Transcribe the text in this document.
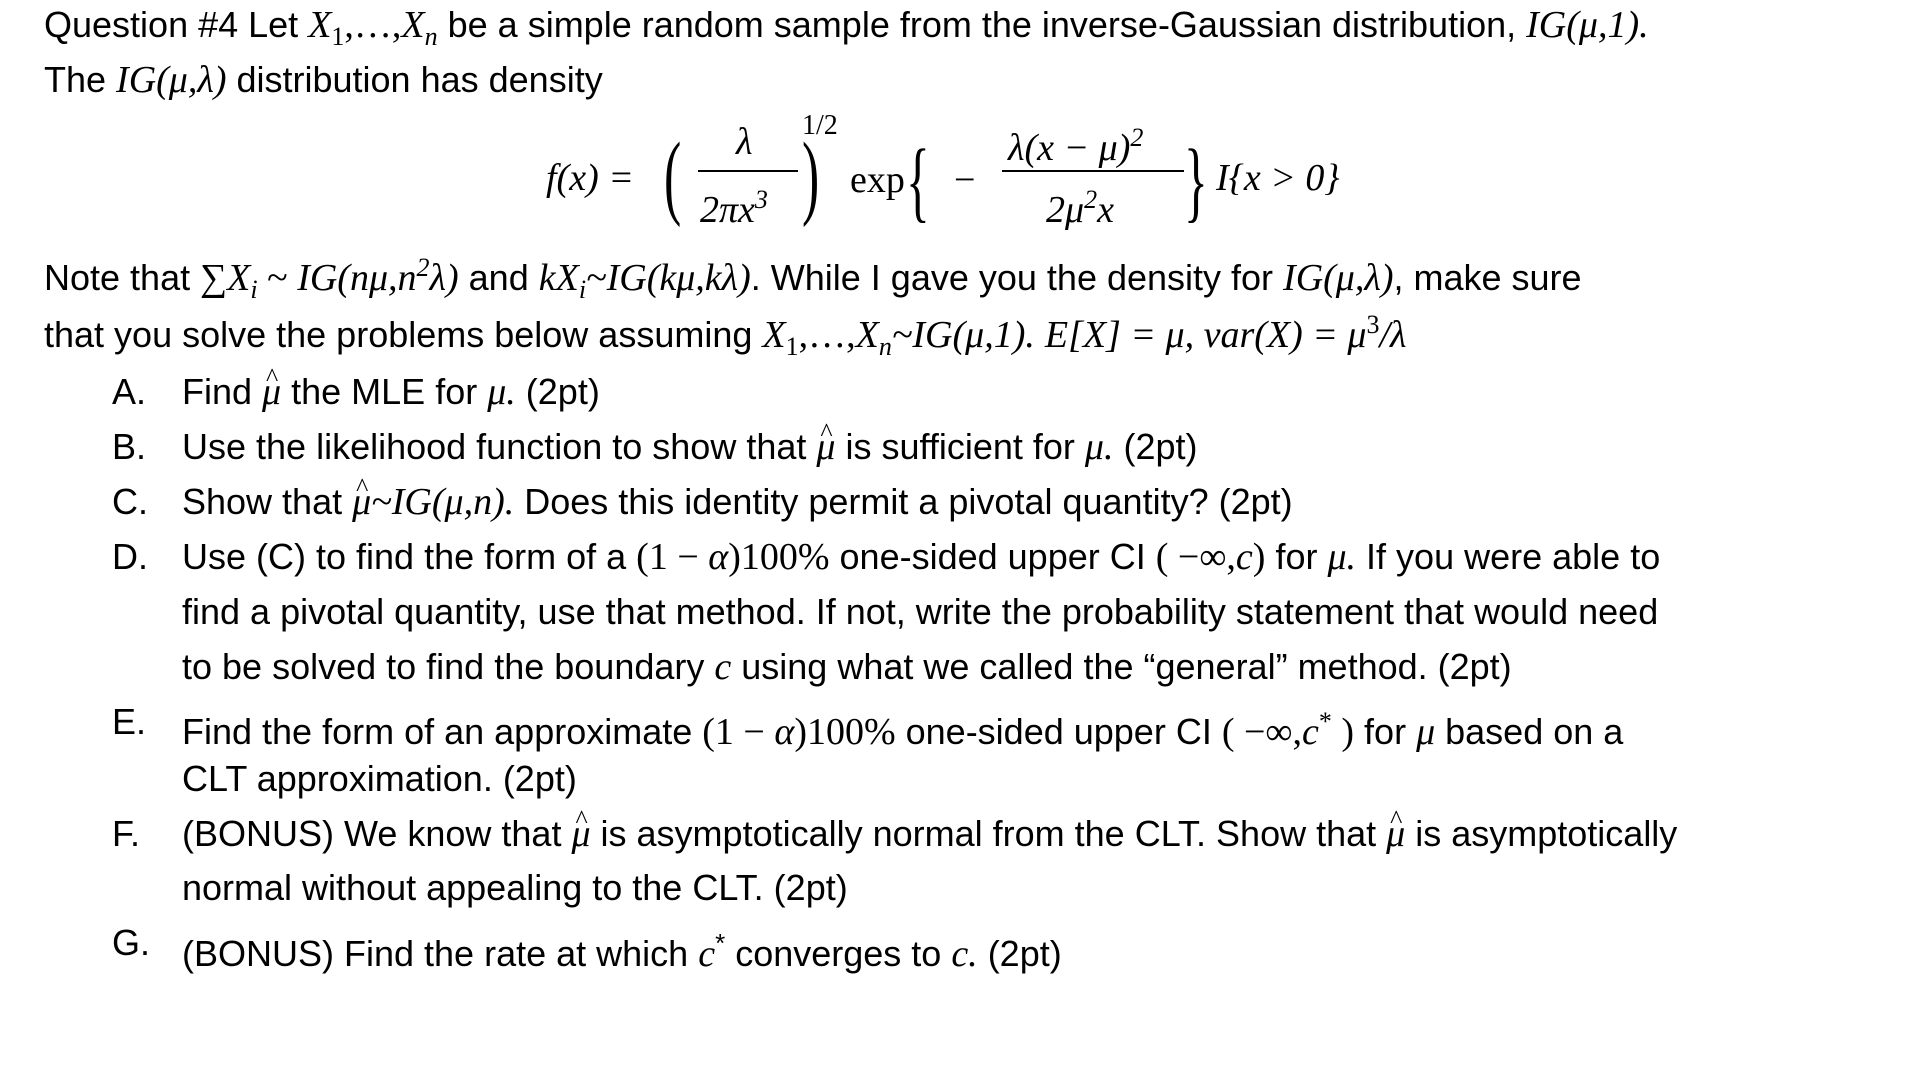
Question #4 Let $X_1,\dots,X_n$ be a simple random sample from the inverse-Gaussian distribution, IG(μ,1).
The IG(μ,λ) distribution has density
f(x) = ( λ
$2\pi x^3$ )
1/2
exp { −
$\lambda(x - \mu)^2$
$2\mu^2x$ } I{x > 0}
Note that $\sum X_i$ ~ $IG(n\mu,n^2\lambda)$ and $kX_i\sim IG(k\mu,k\lambda)$. While I gave you the density for IG(μ,λ), make sure
that you solve the problems below assuming $X_1,\dots,X_n\sim IG(\mu,1)$. E[X] = μ, $var(X) = \mu^3/\lambda$
A. Find ^ μ the MLE for μ. (2pt)
B. Use the likelihood function to show that ^ μ is sufficient for μ. (2pt)
C. Show that ^ μ~IG(μ,n). Does this identity permit a pivotal quantity? (2pt)
D. Use (C) to find the form of a (1 − α)100% one-sided upper CI ( −∞,c) for μ. If you were able to
find a pivotal quantity, use that method. If not, write the probability statement that would need
to be solved to find the boundary c using what we called the “general” method. (2pt)
E. Find the form of an approximate (1 − α)100% one-sided upper CI ( −∞,c* ) for μ based on a
CLT approximation. (2pt)
F. (BONUS) We know that ^ μ is asymptotically normal from the CLT. Show that ^ μ is asymptotically
normal without appealing to the CLT. (2pt)
G. (BONUS) Find the rate at which c* converges to c. (2pt)
